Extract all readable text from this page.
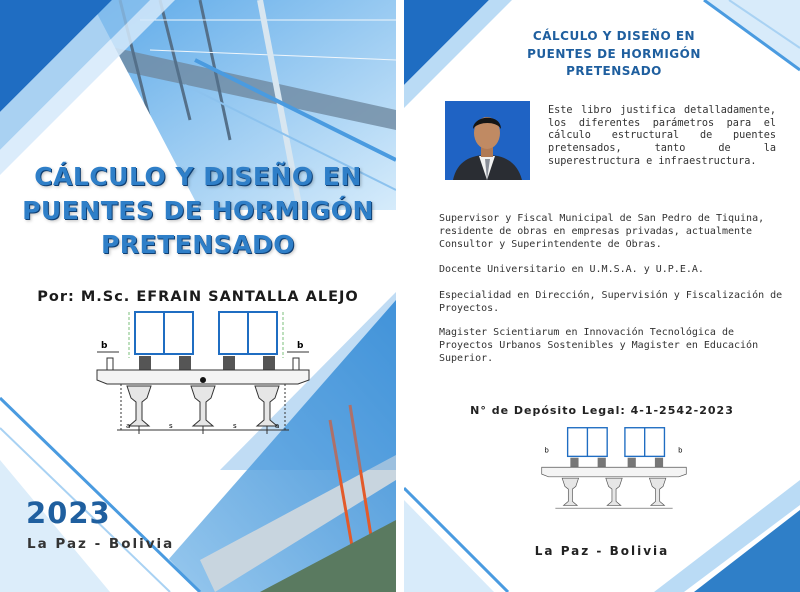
CÁLCULO Y DISEÑO EN
PUENTES DE HORMIGÓN
PRETENSADO
Por: M.Sc. EFRAIN SANTALLA ALEJO
b	b
a	s	s	a
2023
La Paz - Bolivia
CÁLCULO Y DISEÑO EN
PUENTES DE HORMIGÓN
PRETENSADO
Este libro justifica detalladamente,
los diferentes parámetros para el
cálculo estructural de puentes
pretensados,	tanto	de	la
superestructura e infraestructura.
Supervisor y Fiscal Municipal de San Pedro de Tiquina,
residente de obras en empresas privadas, actualmente
Consultor y Superintendente de Obras.
Docente Universitario en U.M.S.A. y U.P.E.A.
Especialidad en Dirección, Supervisión y Fiscalización de
Proyectos.
Magister Scientiarum en Innovación Tecnológica de
Proyectos Urbanos Sostenibles y Magister en Educación
Superior.
N° de Depósito Legal: 4-1-2542-2023
b	b
La Paz - Bolivia
